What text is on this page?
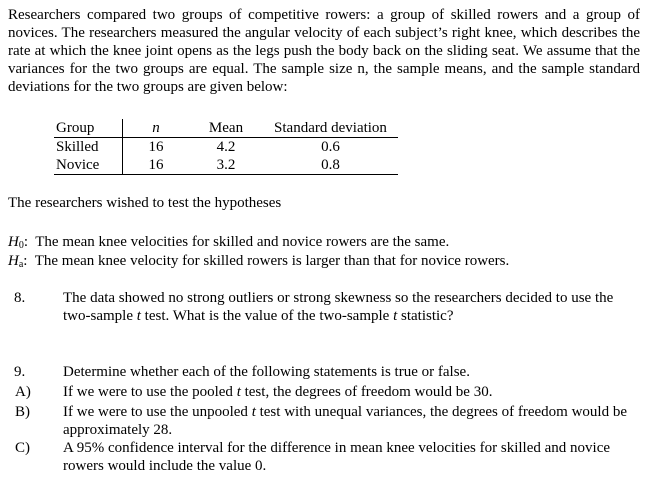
Researchers compared two groups of competitive rowers: a group of skilled rowers and a group of novices. The researchers measured the angular velocity of each subject’s right knee, which describes the rate at which the knee joint opens as the legs push the body back on the sliding seat. We assume that the variances for the two groups are equal. The sample size n, the sample means, and the sample standard deviations for the two groups are given below:

Group	n	Mean	Standard deviation
Skilled	16	4.2	0.6
Novice	16	3.2	0.8

The researchers wished to test the hypotheses

$H_0$: The mean knee velocities for skilled and novice rowers are the same.

$H_a$: The mean knee velocity for skilled rowers is larger than that for novice rowers.

8.	The data showed no strong outliers or strong skewness so the researchers decided to use the two-sample t test. What is the value of the two-sample t statistic?

9.	Determine whether each of the following statements is true or false.

A) If we were to use the pooled t test, the degrees of freedom would be 30.

B) If we were to use the unpooled t test with unequal variances, the degrees of freedom would be approximately 28.

C) A 95% confidence interval for the difference in mean knee velocities for skilled and novice rowers would include the value 0.
